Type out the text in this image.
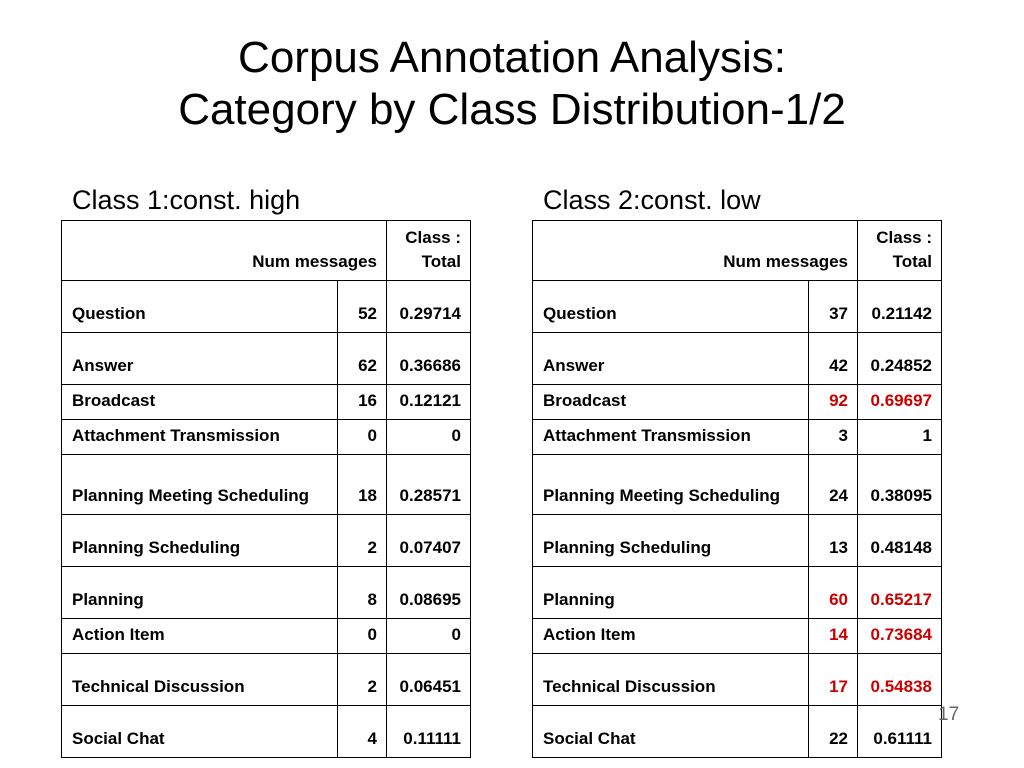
Corpus Annotation Analysis:
Category by Class Distribution-1/2
Class 1:const. high	Class 2:const. low
Num messages		Class :
Total
Question	52	0.29714
Answer	62	0.36686
Broadcast	16	0.12121
Attachment Transmission	0	0
Planning Meeting Scheduling	18	0.28571
Planning Scheduling	2	0.07407
Planning	8	0.08695
Action Item	0	0
Technical Discussion	2	0.06451
Social Chat	4	0.11111
Num messages		Class :
Total
Question	37	0.21142
Answer	42	0.24852
Broadcast	92	0.69697
Attachment Transmission	3	1
Planning Meeting Scheduling	24	0.38095
Planning Scheduling	13	0.48148
Planning	60	0.65217
Action Item	14	0.73684
Technical Discussion	17	0.54838
Social Chat	22	0.61111
17
